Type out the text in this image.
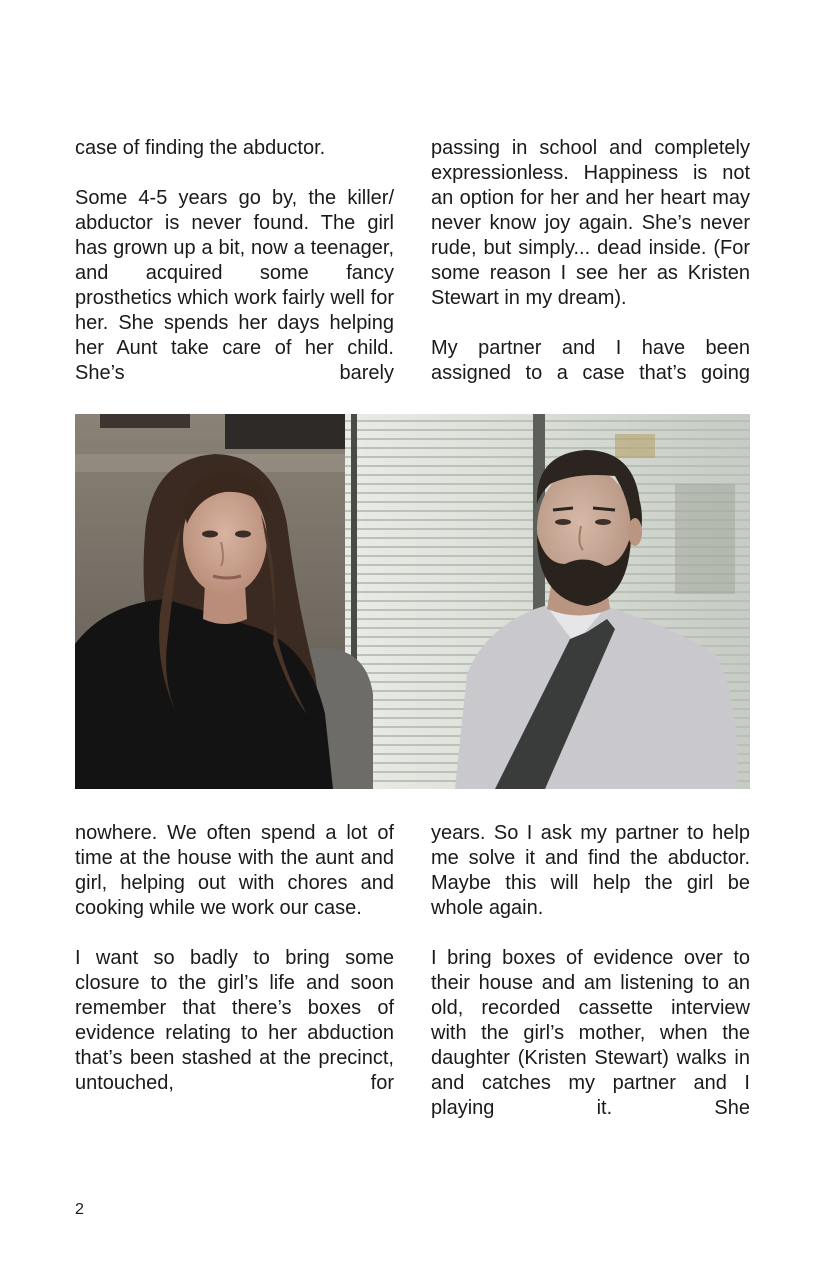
case of finding the abductor.

Some 4-5 years go by, the killer/ abductor is never found. The girl has grown up a bit, now a teenager, and acquired some fancy prosthetics which work fairly well for her. She spends her days helping her Aunt take care of her child. She’s barely

passing in school and completely expressionless. Happiness is not an option for her and her heart may never know joy again. She’s never rude, but simply... dead inside. (For some reason I see her as Kristen Stewart in my dream).

My partner and I have been assigned to a case that’s going

nowhere. We often spend a lot of time at the house with the aunt and girl, helping out with chores and cooking while we work our case.

I want so badly to bring some closure to the girl’s life and soon remember that there’s boxes of evidence relating to her abduction that’s been stashed at the precinct, untouched, for

years. So I ask my partner to help me solve it and find the abductor. Maybe this will help the girl be whole again.

I bring boxes of evidence over to their house and am listening to an old, recorded cassette interview with the girl’s mother, when the daughter (Kristen Stewart) walks in and catches my partner and I playing it. She

2
